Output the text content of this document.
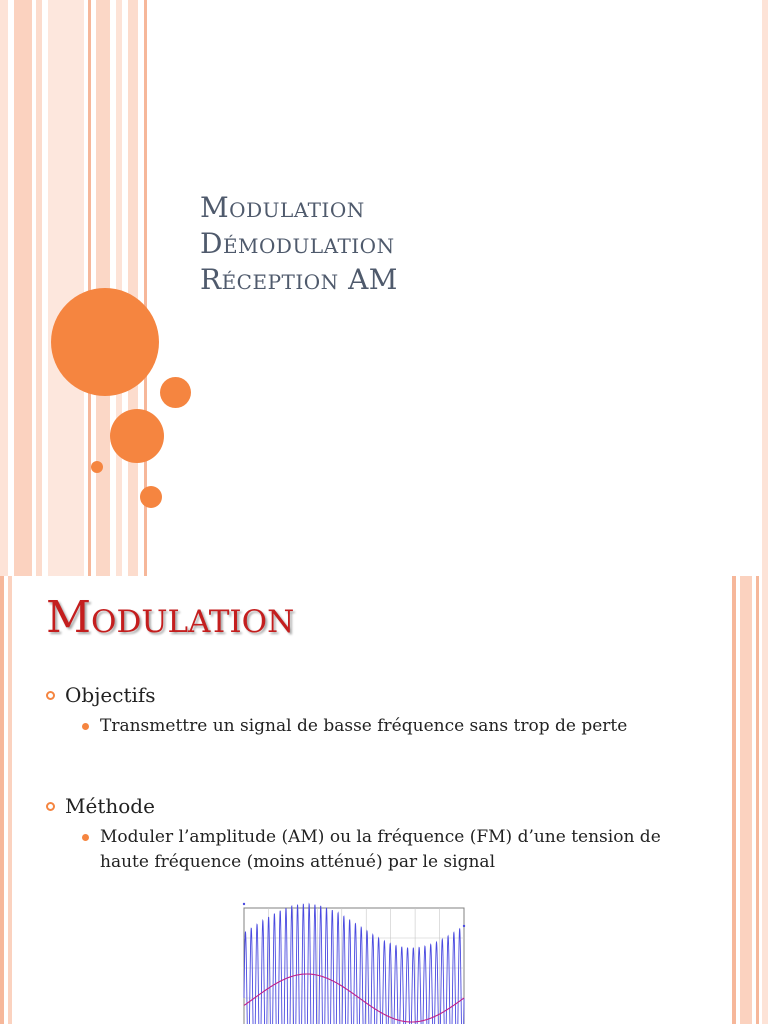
Modulation
Démodulation
Réception AM
Modulation
Objectifs
Transmettre un signal de basse fréquence sans trop de perte
Méthode
Moduler l’amplitude (AM) ou la fréquence (FM) d’une tension de haute fréquence (moins atténué) par le signal
